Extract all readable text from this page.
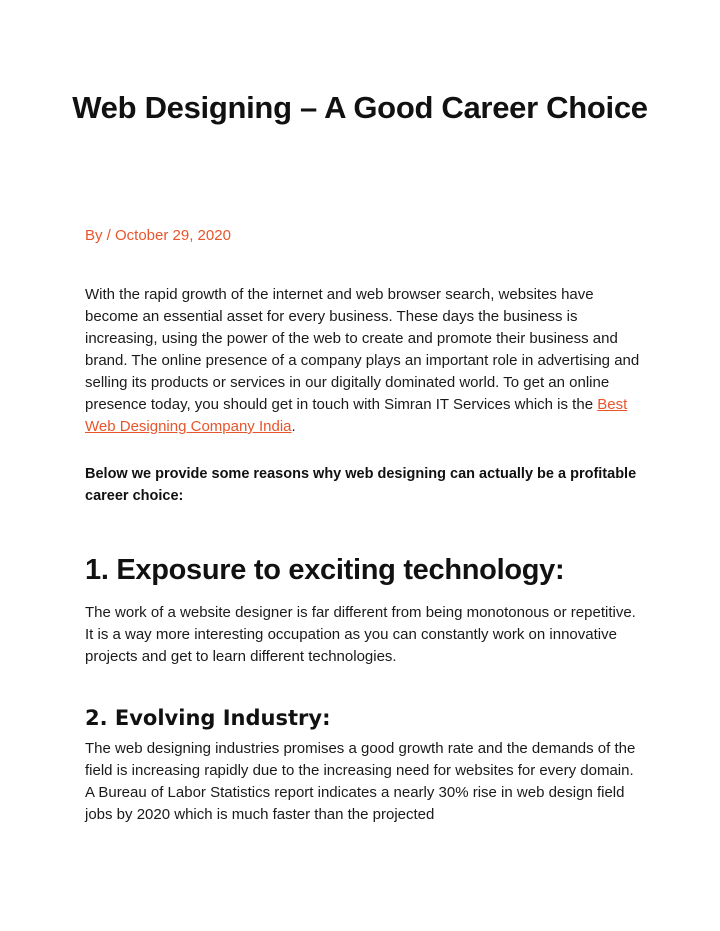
Web Designing – A Good Career Choice

By / October 29, 2020

With the rapid growth of the internet and web browser search, websites have become an essential asset for every business. These days the business is increasing, using the power of the web to create and promote their business and brand. The online presence of a company plays an important role in advertising and selling its products or services in our digitally dominated world. To get an online presence today, you should get in touch with Simran IT Services which is the Best Web Designing Company India.

Below we provide some reasons why web designing can actually be a profitable career choice:

1. Exposure to exciting technology:

The work of a website designer is far different from being monotonous or repetitive. It is a way more interesting occupation as you can constantly work on innovative projects and get to learn different technologies.

2. Evolving Industry:

The web designing industries promises a good growth rate and the demands of the field is increasing rapidly due to the increasing need for websites for every domain. A Bureau of Labor Statistics report indicates a nearly 30% rise in web design field jobs by 2020 which is much faster than the projected
